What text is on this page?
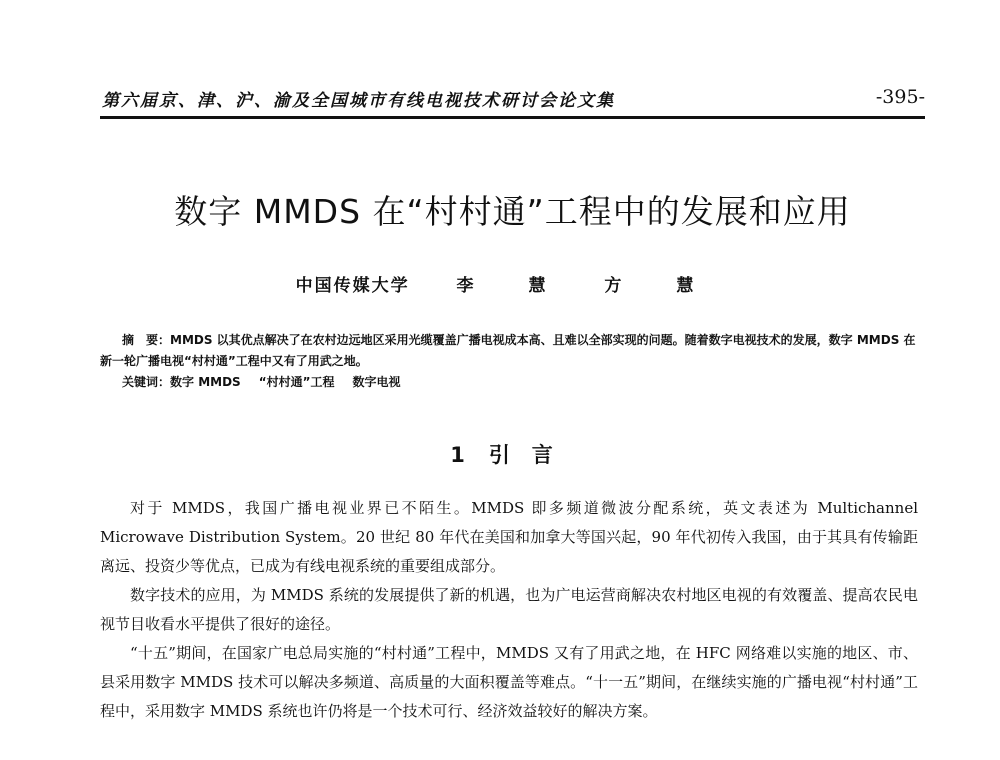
第六届京、津、沪、渝及全国城市有线电视技术研讨会论文集	-395-
数字 MMDS 在“村村通”工程中的发展和应用
中国传媒大学	李　慧 方　慧

摘　要：MMDS 以其优点解决了在农村边远地区采用光缆覆盖广播电视成本高、且难以全部实现的问题。随着数字电视技术的发展，数字 MMDS 在新一轮广播电视“村村通”工程中又有了用武之地。

关键词：数字 MMDS “村村通”工程 数字电视

1 引言

对于 MMDS，我国广播电视业界已不陌生。MMDS 即多频道微波分配系统，英文表述为 Multichannel Microwave Distribution System。20 世纪 80 年代在美国和加拿大等国兴起，90 年代初传入我国，由于其具有传输距离远、投资少等优点，已成为有线电视系统的重要组成部分。

数字技术的应用，为 MMDS 系统的发展提供了新的机遇，也为广电运营商解决农村地区电视的有效覆盖、提高农民电视节目收看水平提供了很好的途径。

“十五”期间，在国家广电总局实施的“村村通”工程中，MMDS 又有了用武之地，在 HFC 网络难以实施的地区、市、县采用数字 MMDS 技术可以解决多频道、高质量的大面积覆盖等难点。“十一五”期间，在继续实施的广播电视“村村通”工程中，采用数字 MMDS 系统也许仍将是一个技术可行、经济效益较好的解决方案。
